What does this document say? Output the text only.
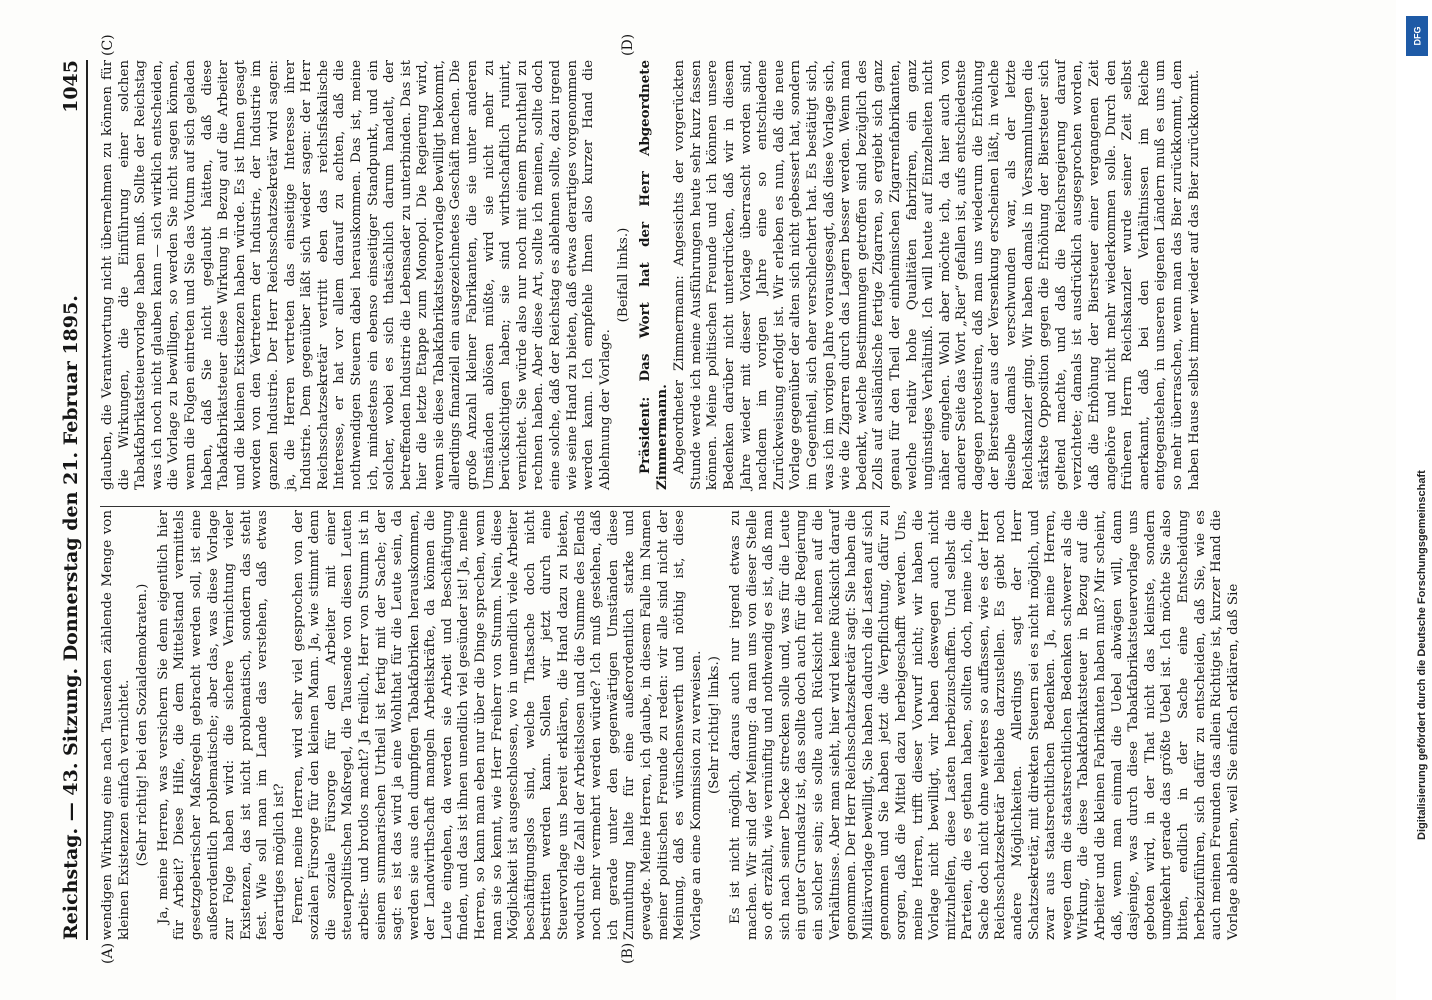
Reichstag. — 43. Sitzung. Donnerstag den 21. Februar 1895.
1045
(A)	(B)
(C)	(D)

wendigen Wirkung eine nach Tausenden zählende Menge von kleinen Existenzen einfach vernichtet. (Sehr richtig! bei den Sozialdemokraten.) Ja, meine Herren, was versichern Sie denn eigentlich hier für Arbeit? Diese Hilfe, die dem Mittelstand vermittels gesetzgeberischer Maßregeln gebracht werden soll, ist eine außerordentlich problematische; aber das, was diese Vorlage zur Folge haben wird: die sichere Vernichtung vieler Existenzen, das ist nicht problematisch, sondern das steht fest. Wie soll man im Lande das verstehen, daß etwas derartiges möglich ist? Ferner, meine Herren, wird sehr viel gesprochen von der sozialen Fürsorge für den kleinen Mann. Ja, wie stimmt denn die soziale Fürsorge für den Arbeiter mit einer steuerpolitischen Maßregel, die Tausende von diesen Leuten arbeits- und brotlos macht? Ja freilich, Herr von Stumm ist in seinem summarischen Urtheil ist fertig mit der Sache; der sagt: es ist das wird ja eine Wohlthat für die Leute sein, da werden sie aus den dumpfigen Tabakfabriken herauskommen, der Landwirthschaft mangeln Arbeitskräfte, da können die Leute eingehen, da werden sie Arbeit und Beschäftigung finden, und das ist ihnen unendlich viel gesünder ist! Ja, meine Herren, so kann man eben nur über die Dinge sprechen, wenn man sie so kennt, wie Herr Freiherr von Stumm. Nein, diese Möglichkeit ist ausgeschlossen, wo in unendlich viele Arbeiter beschäftigungslos sind, welche Thatsache doch nicht bestritten werden kann. Sollen wir jetzt durch eine Steuervorlage uns bereit erklären, die Hand dazu zu bieten, wodurch die Zahl der Arbeitslosen und die Summe des Elends noch mehr vermehrt werden würde? Ich muß gestehen, daß ich gerade unter den gegenwärtigen Umständen diese Zumuthung halte für eine außerordentlich starke und gewagte. Meine Herren, ich glaube, in diesem Falle im Namen meiner politischen Freunde zu reden: wir alle sind nicht der Meinung, daß es wünschenswerth und nöthig ist, diese Vorlage an eine Kommission zu verweisen. (Sehr richtig! links.) Es ist nicht möglich, daraus auch nur irgend etwas zu machen. Wir sind der Meinung: da man uns von dieser Stelle so oft erzählt, wie vernünftig und nothwendig es ist, daß man sich nach seiner Decke strecken solle und, was für die Leute ein guter Grundsatz ist, das sollte doch auch für die Regierung ein solcher sein; sie sollte auch Rücksicht nehmen auf die Verhältnisse. Aber man sieht, hier wird keine Rücksicht darauf genommen. Der Herr Reichsschatzsekretär sagt: Sie haben die Militärvorlage bewilligt, Sie haben dadurch die Lasten auf sich genommen und Sie haben jetzt die Verpflichtung, dafür zu sorgen, daß die Mittel dazu herbeigeschafft werden. Uns, meine Herren, trifft dieser Vorwurf nicht; wir haben die Vorlage nicht bewilligt, wir haben deswegen auch nicht mitzuhelfen, diese Lasten herbeizuschaffen. Und selbst die Parteien, die es gethan haben, sollten doch, meine ich, die Sache doch nicht ohne weiteres so auffassen, wie es der Herr Reichsschatzsekretär beliebte darzustellen. Es giebt noch andere Möglichkeiten. Allerdings sagt der Herr Schatzsekretär, mit direkten Steuern sei es nicht möglich, und zwar aus staatsrechtlichen Bedenken. Ja, meine Herren, wegen dem die staatsrechtlichen Bedenken schwerer als die Wirkung, die diese Tabakfabrikatsteuer in Bezug auf die Arbeiter und die kleinen Fabrikanten haben muß? Mir scheint, daß, wenn man einmal die Uebel abwägen will, dann dasjenige, was durch diese Tabakfabrikatsteuervorlage uns geboten wird, in der That nicht das kleinste, sondern umgekehrt gerade das größte Uebel ist. Ich möchte Sie also bitten, endlich in der Sache eine Entscheidung herbeizuführen, sich dafür zu entscheiden, daß Sie, wie es auch meinen Freunden das allein Richtige ist, kurzer Hand die Vorlage ablehnen, weil Sie einfach erklären, daß Sie

glauben, die Verantwortung nicht übernehmen zu können für die Wirkungen, die die Einführung einer solchen Tabakfabrikatsteuervorlage haben muß. Sollte der Reichstag was ich noch nicht glauben kann — sich wirklich entscheiden, die Vorlage zu bewilligen, so werden Sie nicht sagen können, wenn die Folgen eintreten und Sie das Votum auf sich geladen haben, daß Sie nicht geglaubt hätten, daß diese Tabakfabrikatsteuer diese Wirkung in Bezug auf die Arbeiter und die kleinen Existenzen haben würde. Es ist Ihnen gesagt worden von den Vertretern der Industrie, der Industrie im ganzen Industrie. Der Herr Reichsschatzsekretär wird sagen: ja, die Herren vertreten das einseitige Interesse ihrer Industrie. Dem gegenüber läßt sich wieder sagen: der Herr Reichsschatzsekretär vertritt eben das reichsfiskalische Interesse, er hat vor allem darauf zu achten, daß die nothwendigen Steuern dabei herauskommen. Das ist, meine ich, mindestens ein ebenso einseitiger Standpunkt, und ein solcher, wobei es sich thatsächlich darum handelt, der betreffenden Industrie die Lebensader zu unterbinden. Das ist hier die letzte Etappe zum Monopol. Die Regierung wird, wenn sie diese Tabakfabrikatsteuervorlage bewilligt bekommt, allerdings finanziell ein ausgezeichnetes Geschäft machen. Die große Anzahl kleiner Fabrikanten, die sie unter anderen Umständen ablösen müßte, wird sie nicht mehr zu berücksichtigen haben; sie sind wirthschaftlich ruinirt, vernichtet. Sie würde also nur noch mit einem Bruchtheil zu rechnen haben. Aber diese Art, sollte ich meinen, sollte doch eine solche, daß der Reichstag es ablehnen sollte, dazu irgend wie seine Hand zu bieten, daß etwas derartiges vorgenommen werden kann. Ich empfehle Ihnen also kurzer Hand die Ablehnung der Vorlage.

(Beifall links.) Präsident: Das Wort hat der Herr Abgeordnete Zimmermann. Abgeordneter Zimmermann: Angesichts der vorgerückten Stunde werde ich meine Ausführungen heute sehr kurz fassen können. Meine politischen Freunde und ich können unsere Bedenken darüber nicht unterdrücken, daß wir in diesem Jahre wieder mit dieser Vorlage überrascht worden sind, nachdem im vorigen Jahre eine so entschiedene Zurückweisung erfolgt ist. Wir erleben es nun, daß die neue Vorlage gegenüber der alten sich nicht gebessert hat, sondern im Gegentheil, sich eher verschlechtert hat. Es bestätigt sich, was ich im vorigen Jahre vorausgesagt, daß diese Vorlage sich, wie die Zigarren durch das Lagern besser werden. Wenn man bedenkt, welche Bestimmungen getroffen sind bezüglich des Zolls auf ausländische fertige Zigarren, so ergiebt sich ganz genau für den Theil der einheimischen Zigarrenfabrikanten, welche relativ hohe Qualitäten fabriziren, ein ganz ungünstiges Verhältniß. Ich will heute auf Einzelheiten nicht näher eingehen. Wohl aber möchte ich, da hier auch von anderer Seite das Wort „Rier“ gefallen ist, aufs entschiedenste dagegen protestiren, daß man uns wiederum die Erhöhung der Biersteuer aus der Versenkung erscheinen läßt, in welche dieselbe damals verschwunden war, als der letzte Reichskanzler ging. Wir haben damals in Versammlungen die stärkste Opposition gegen die Erhöhung der Biersteuer sich geltend machte, und daß die Reichsregierung darauf verzichtete; damals ist ausdrücklich ausgesprochen worden, daß die Erhöhung der Biersteuer einer vergangenen Zeit angehöre und nicht mehr wiederkommen solle. Durch den früheren Herrn Reichskanzler wurde seiner Zeit selbst anerkannt, daß bei den Verhältnissen im Reiche entgegenstehen, in unseren eigenen Ländern muß es uns um so mehr überraschen, wenn man das Bier zurückkommt, dem haben Hause selbst immer wieder auf das Bier zurückkommt.

DFG
Digitalisierung gefördert durch die Deutsche Forschungsgemeinschaft
